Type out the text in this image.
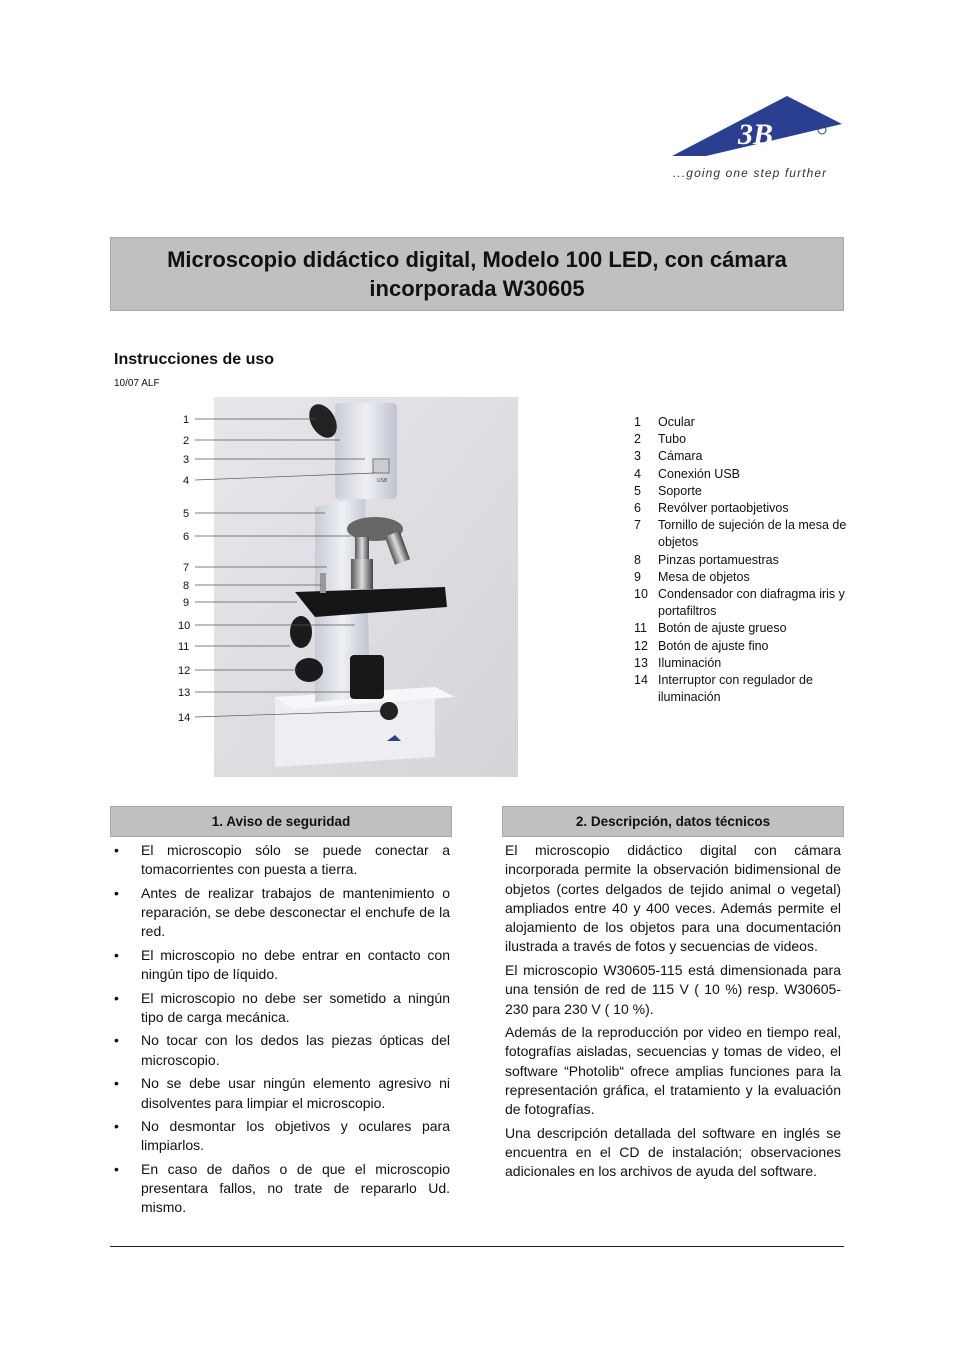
3B
...going one step further
Microscopio didáctico digital, Modelo 100 LED, con cámara incorporada W30605
Instrucciones de uso
10/07 ALF
USB
1
2
3
4
5
6
7
8
9
10
11
12
13
14
1	Ocular
2	Tubo
3	Cámara
4	Conexión USB
5	Soporte
6	Revólver portaobjetivos
7	Tornillo de sujeción de la mesa de objetos
8	Pinzas portamuestras
9	Mesa de objetos
10 Condensador con diafragma iris y portafiltros
11 Botón de ajuste grueso
12 Botón de ajuste fino
13 Iluminación
14 Interruptor con regulador de iluminación
1. Aviso de seguridad	2. Descripción, datos técnicos
•	El microscopio sólo se puede conectar a tomacorrientes con puesta a tierra.
•	Antes de realizar trabajos de mantenimiento o reparación, se debe desconectar el enchufe de la red.
•	El microscopio no debe entrar en contacto con ningún tipo de líquido.
•	El microscopio no debe ser sometido a ningún tipo de carga mecánica.
•	No tocar con los dedos las piezas ópticas del microscopio.
•	No se debe usar ningún elemento agresivo ni disolventes para limpiar el microscopio.
•	No desmontar los objetivos y oculares para limpiarlos.
•	En caso de daños o de que el microscopio presentara fallos, no trate de repararlo Ud. mismo.

El microscopio didáctico digital con cámara incorporada permite la observación bidimensional de objetos (cortes delgados de tejido animal o vegetal) ampliados entre 40 y 400 veces. Además permite el alojamiento de los objetos para una documentación ilustrada a través de fotos y secuencias de videos.

El microscopio W30605-115 está dimensionada para una tensión de red de 115 V ( 10 %) resp. W30605-230 para 230 V ( 10 %).

Además de la reproducción por video en tiempo real, fotografías aisladas, secuencias y tomas de video, el software “Photolib“ ofrece amplias funciones para la representación gráfica, el tratamiento y la evaluación de fotografías.

Una descripción detallada del software en inglés se encuentra en el CD de instalación; observaciones adicionales en los archivos de ayuda del software.
